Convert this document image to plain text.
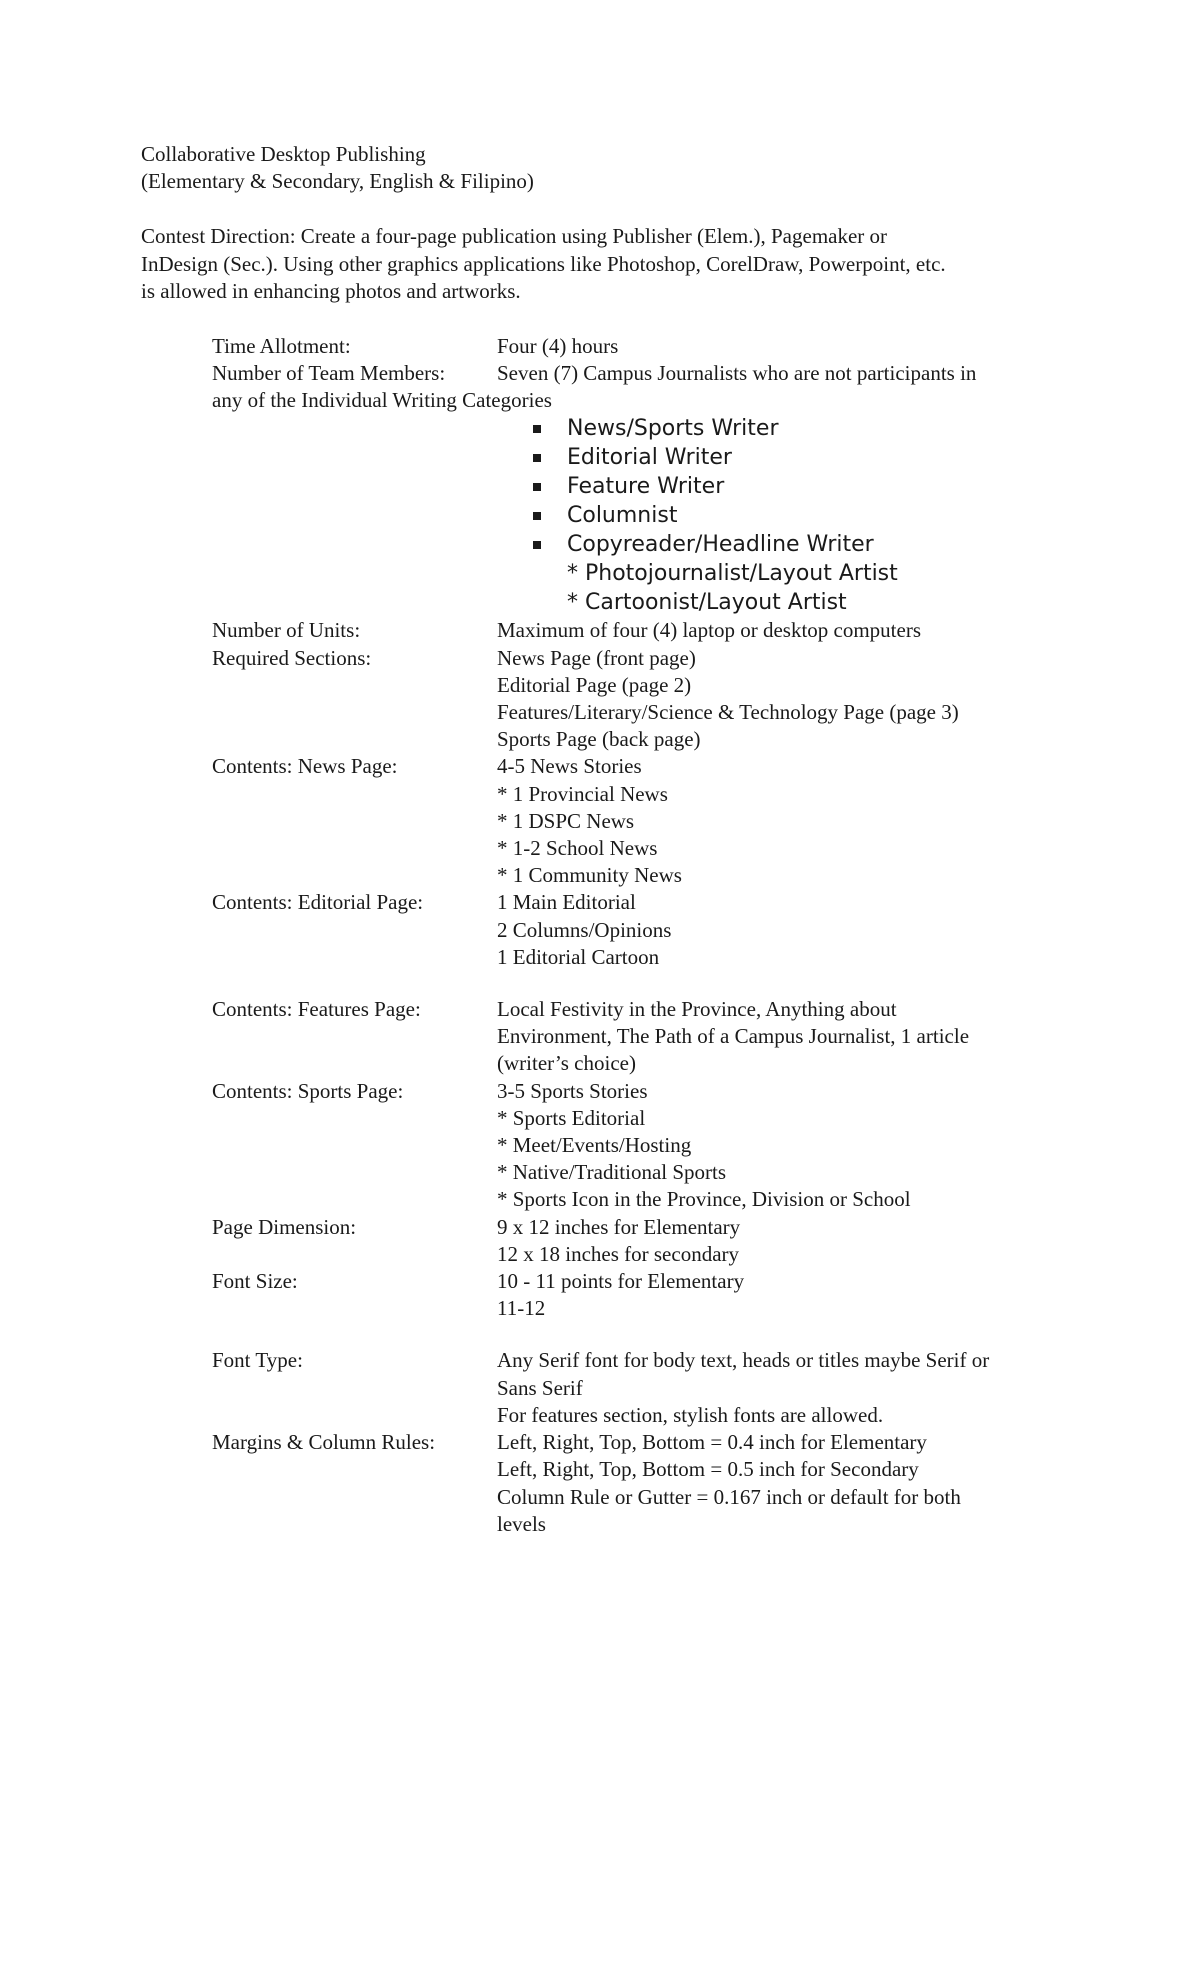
Collaborative Desktop Publishing
(Elementary & Secondary, English & Filipino)
Contest Direction: Create a four-page publication using Publisher (Elem.), Pagemaker or
InDesign (Sec.). Using other graphics applications like Photoshop, CorelDraw, Powerpoint, etc.
is allowed in enhancing photos and artworks.
Time Allotment:	Four (4) hours
Number of Team Members: Seven (7) Campus Journalists who are not participants in
any of the Individual Writing Categories
News/Sports Writer
Editorial Writer
Feature Writer
Columnist
Copyreader/Headline Writer
* Photojournalist/Layout Artist
* Cartoonist/Layout Artist
Number of Units:	Maximum of four (4) laptop or desktop computers
Required Sections:	News Page (front page)
Editorial Page (page 2)
Features/Literary/Science & Technology Page (page 3)
Sports Page (back page)
Contents: News Page:	4-5 News Stories
* 1 Provincial News
* 1 DSPC News
* 1-2 School News
* 1 Community News
Contents: Editorial Page:	1 Main Editorial
2 Columns/Opinions
1 Editorial Cartoon
Contents: Features Page:	Local Festivity in the Province, Anything about
Environment, The Path of a Campus Journalist, 1 article
(writer’s choice)
Contents: Sports Page:	3-5 Sports Stories
* Sports Editorial
* Meet/Events/Hosting
* Native/Traditional Sports
* Sports Icon in the Province, Division or School
Page Dimension:	9 x 12 inches for Elementary
12 x 18 inches for secondary
Font Size:	10 - 11 points for Elementary
11-12
Font Type:	Any Serif font for body text, heads or titles maybe Serif or
Sans Serif
For features section, stylish fonts are allowed.
Margins & Column Rules:	Left, Right, Top, Bottom = 0.4 inch for Elementary
Left, Right, Top, Bottom = 0.5 inch for Secondary
Column Rule or Gutter = 0.167 inch or default for both
levels
